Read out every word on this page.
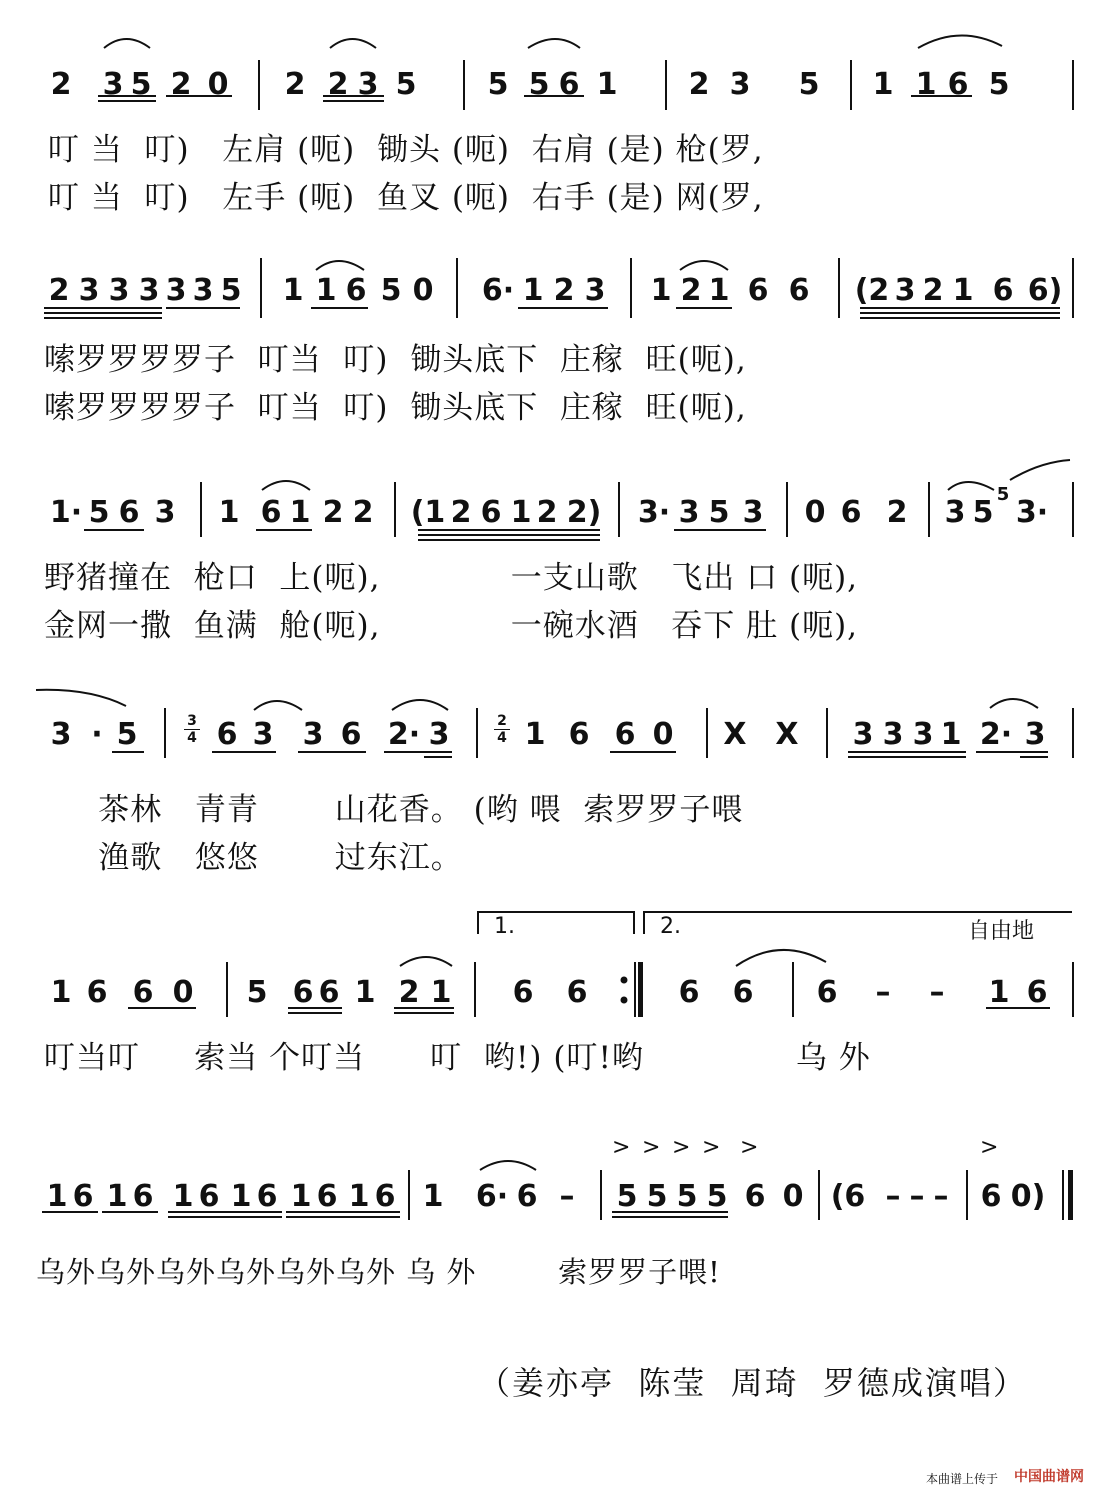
2 3 5 2 0 2 2 3 5 5 5 6 1 2 3 5 1 1 6 5
叮 当  叮)   左肩 (呃)  锄头 (呃)  右肩 (是) 枪(罗,
叮 当  叮)   左手 (呃)  鱼叉 (呃)  右手 (是) 网(罗,
2 3 3 3 3 3 5 1 1 6 5 0 6· 1 2 3 1 2 1 6 6 (2 3 2 1 6 6)
嗦罗罗罗罗子  叮当  叮)  锄头底下  庄稼  旺(呃),
嗦罗罗罗罗子  叮当  叮)  锄头底下  庄稼  旺(呃),
1· 5 6 3 1 6 1 2 2 (1 2 6 1 2 2) 3· 3 5 3 0 6 2 3 5
5
3·
野猪撞在  枪口  上(呃),            一支山歌   飞出 口 (呃),
金网一撒  鱼满  舱(呃),            一碗水酒   吞下 肚 (呃),
3 · 5	3
4 6 3 3 6 2· 3	2
4 1 6 6 0 X X 3 3 3 1 2· 3
茶林   青青       山花香。 (哟 喂  索罗罗子喂
渔歌   悠悠       过东江。
1.	2.	自由地
1 6 6 0 5 6 6 1 2 1 6 6	6 6 6 – – 1 6
叮当叮     索当 个叮当      叮  哟!) (叮!哟              乌 外
1 6 1 6 1 6 1 6 1 6 1 6 1 6· 6 – 5 5 5 5 6 0 (6 – – – 6 0)
乌外乌外乌外乌外乌外乌外 乌 外        索罗罗子喂!
> > > > >	>
（姜亦亭  陈莹  周琦  罗德成演唱）
本曲谱上传于 中国曲谱网
